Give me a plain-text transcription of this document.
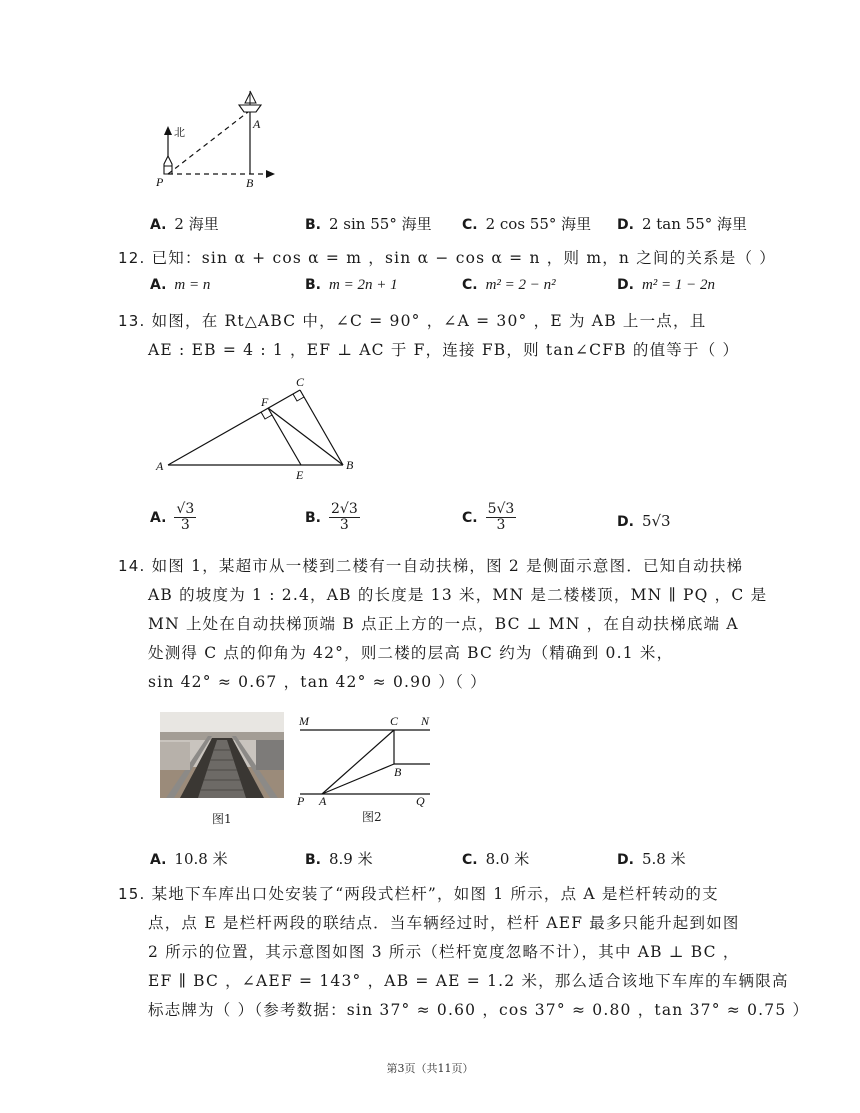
北
P
A
B
A. 2 海里	B. 2 sin 55° 海里 C. 2 cos 55° 海里 D. 2 tan 55° 海里
12. 已知：sin α + cos α = m ，sin α − cos α = n ，则 m，n 之间的关系是（ ）
A. m = n	B. m = 2n + 1	C. m² = 2 − n²	D. m² = 1 − 2n
13. 如图，在 Rt△ABC 中，∠C = 90° ，∠A = 30° ，E 为 AB 上一点，且
AE : EB = 4 : 1 ，EF ⊥ AC 于 F，连接 FB，则 tan∠CFB 的值等于（ ）
A
C
F
B
E
A. $\frac{√3}{3}$	B. $\frac{2√3}{3}$	C. $\frac{5√3}{3}$	D. 5√3
14. 如图 1，某超市从一楼到二楼有一自动扶梯，图 2 是侧面示意图．已知自动扶梯
AB 的坡度为 1 : 2.4，AB 的长度是 13 米，MN 是二楼楼顶，MN ∥ PQ ，C 是
MN 上处在自动扶梯顶端 B 点正上方的一点，BC ⊥ MN ，在自动扶梯底端 A
处测得 C 点的仰角为 42°，则二楼的层高 BC 约为（精确到 0.1 米，
sin 42° ≈ 0.67 ，tan 42° ≈ 0.90 ）（ ）
图1
M	C N
B
P A	Q
图2
A. 10.8 米	B. 8.9 米	C. 8.0 米	D. 5.8 米
15. 某地下车库出口处安装了“两段式栏杆”，如图 1 所示，点 A 是栏杆转动的支
点，点 E 是栏杆两段的联结点．当车辆经过时，栏杆 AEF 最多只能升起到如图
2 所示的位置，其示意图如图 3 所示（栏杆宽度忽略不计），其中 AB ⊥ BC ，
EF ∥ BC ，∠AEF = 143° ，AB = AE = 1.2 米，那么适合该地下车库的车辆限高
标志牌为（ ）（参考数据：sin 37° ≈ 0.60 ，cos 37° ≈ 0.80 ，tan 37° ≈ 0.75 ）
第3页（共11页）
